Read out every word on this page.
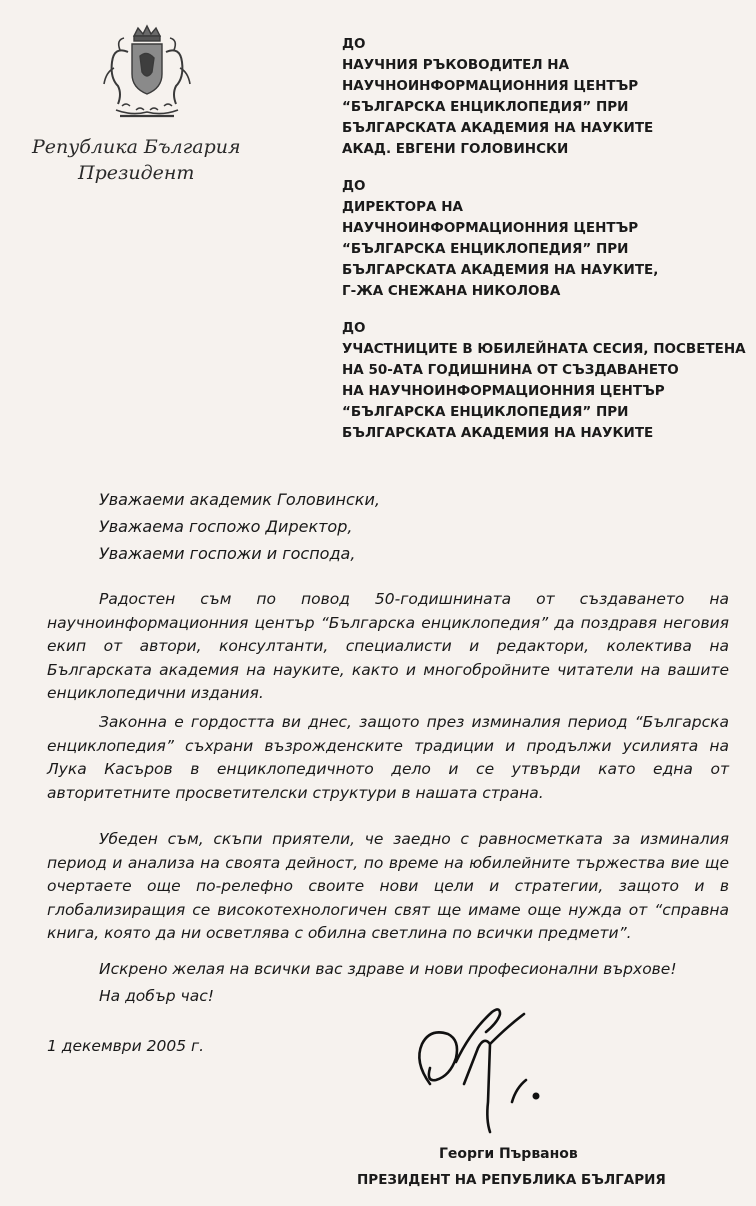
Република България
Президент
ДО
НАУЧНИЯ РЪКОВОДИТЕЛ НА
НАУЧНОИНФОРМАЦИОННИЯ ЦЕНТЪР
“БЪЛГАРСКА ЕНЦИКЛОПЕДИЯ” ПРИ
БЪЛГАРСКАТА АКАДЕМИЯ НА НАУКИТЕ
АКАД. ЕВГЕНИ ГОЛОВИНСКИ
ДО
ДИРЕКТОРА НА
НАУЧНОИНФОРМАЦИОННИЯ ЦЕНТЪР
“БЪЛГАРСКА ЕНЦИКЛОПЕДИЯ” ПРИ
БЪЛГАРСКАТА АКАДЕМИЯ НА НАУКИТЕ,
Г-ЖА СНЕЖАНА НИКОЛОВА
ДО
УЧАСТНИЦИТЕ В ЮБИЛЕЙНАТА СЕСИЯ, ПОСВЕТЕНА
НА 50-АТА ГОДИШНИНА ОТ СЪЗДАВАНЕТО
НА НАУЧНОИНФОРМАЦИОННИЯ ЦЕНТЪР
“БЪЛГАРСКА ЕНЦИКЛОПЕДИЯ” ПРИ
БЪЛГАРСКАТА АКАДЕМИЯ НА НАУКИТЕ
Уважаеми академик Головински,
Уважаема госпожо Директор,
Уважаеми госпожи и господа,

Радостен съм по повод 50-годишнината от създаването на научноинформационния център “Българска енциклопедия” да поздравя неговия екип от автори, консултанти, специалисти и редактори, колектива на Българската академия на науките, както и многобройните читатели на вашите енциклопедични издания.

Законна е гордостта ви днес, защото през изминалия период “Българска енциклопедия” съхрани възрожденските традиции и продължи усилията на Лука Касъров в енциклопедичното дело и се утвърди като една от авторитетните просветителски структури в нашата страна.

Убеден съм, скъпи приятели, че заедно с равносметката за изминалия период и анализа на своята дейност, по време на юбилейните тържества вие ще очертаете още по-релефно своите нови цели и стратегии, защото и в глобализиращия се високотехнологичен свят ще имаме още нужда от “справна книга, която да ни осветлява с обилна светлина по всички предмети”.

Искрено желая на всички вас здраве и нови професионални върхове!

На добър час!

1 декември 2005 г.
Георги Първанов
ПРЕЗИДЕНТ НА РЕПУБЛИКА БЪЛГАРИЯ
